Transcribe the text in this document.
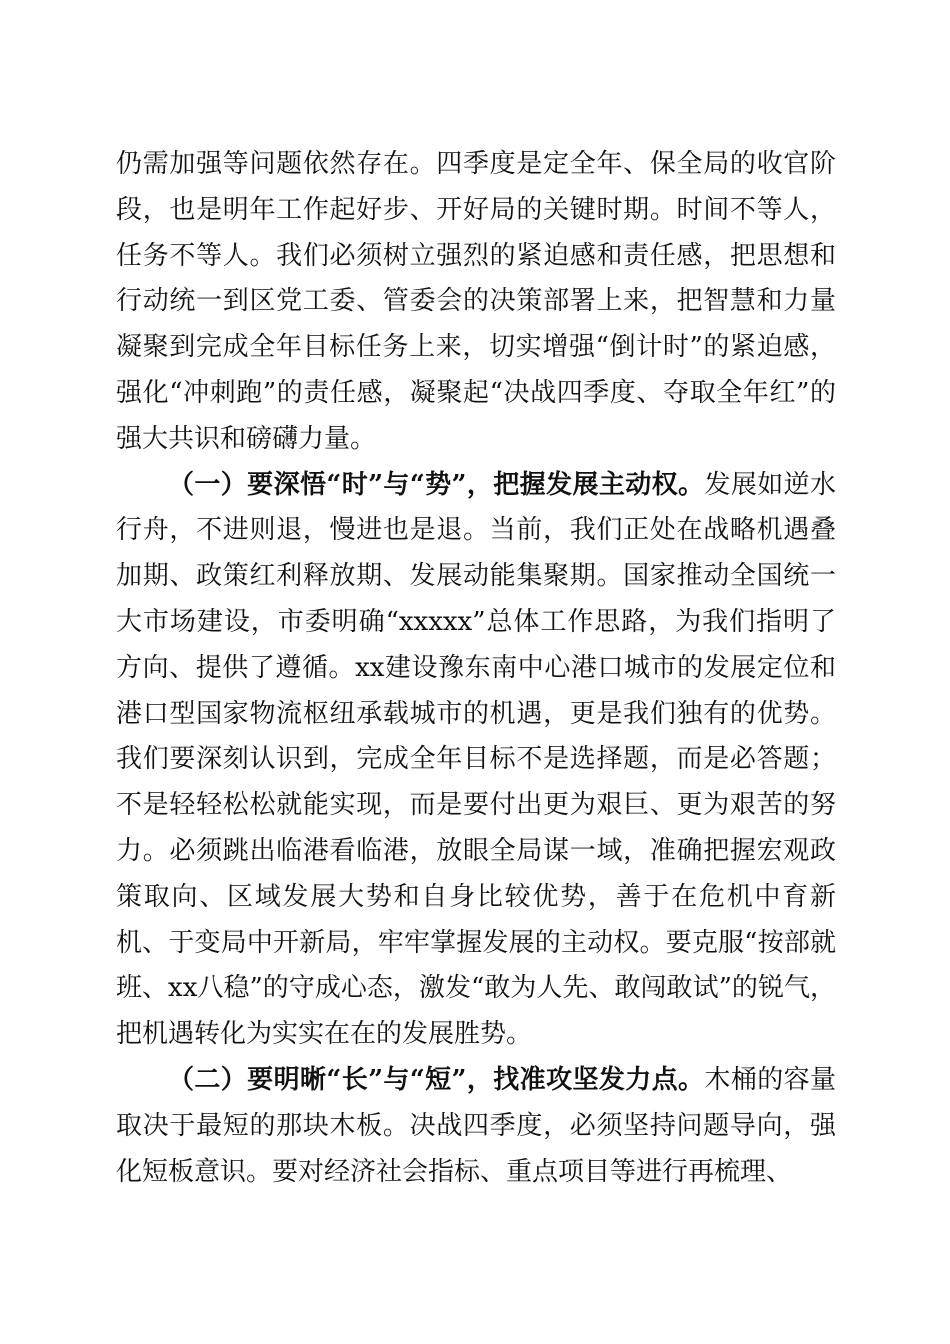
仍需加强等问题依然存在。四季度是定全年、保全局的收官阶段，也是明年工作起好步、开好局的关键时期。时间不等人，任务不等人。我们必须树立强烈的紧迫感和责任感，把思想和行动统一到区党工委、管委会的决策部署上来，把智慧和力量凝聚到完成全年目标任务上来，切实增强“倒计时”的紧迫感，强化“冲刺跑”的责任感，凝聚起“决战四季度、夺取全年红”的强大共识和磅礴力量。

（一）要深悟“时”与“势”，把握发展主动权。发展如逆水行舟，不进则退，慢进也是退。当前，我们正处在战略机遇叠加期、政策红利释放期、发展动能集聚期。国家推动全国统一大市场建设，市委明确“xxxxx”总体工作思路，为我们指明了方向、提供了遵循。xx建设豫东南中心港口城市的发展定位和港口型国家物流枢纽承载城市的机遇，更是我们独有的优势。我们要深刻认识到，完成全年目标不是选择题，而是必答题；不是轻轻松松就能实现，而是要付出更为艰巨、更为艰苦的努力。必须跳出临港看临港，放眼全局谋一域，准确把握宏观政策取向、区域发展大势和自身比较优势，善于在危机中育新机、于变局中开新局，牢牢掌握发展的主动权。要克服“按部就班、xx八稳”的守成心态，激发“敢为人先、敢闯敢试”的锐气，把机遇转化为实实在在的发展胜势。

（二）要明晰“长”与“短”，找准攻坚发力点。木桶的容量取决于最短的那块木板。决战四季度，必须坚持问题导向，强化短板意识。要对经济社会指标、重点项目等进行再梳理、
